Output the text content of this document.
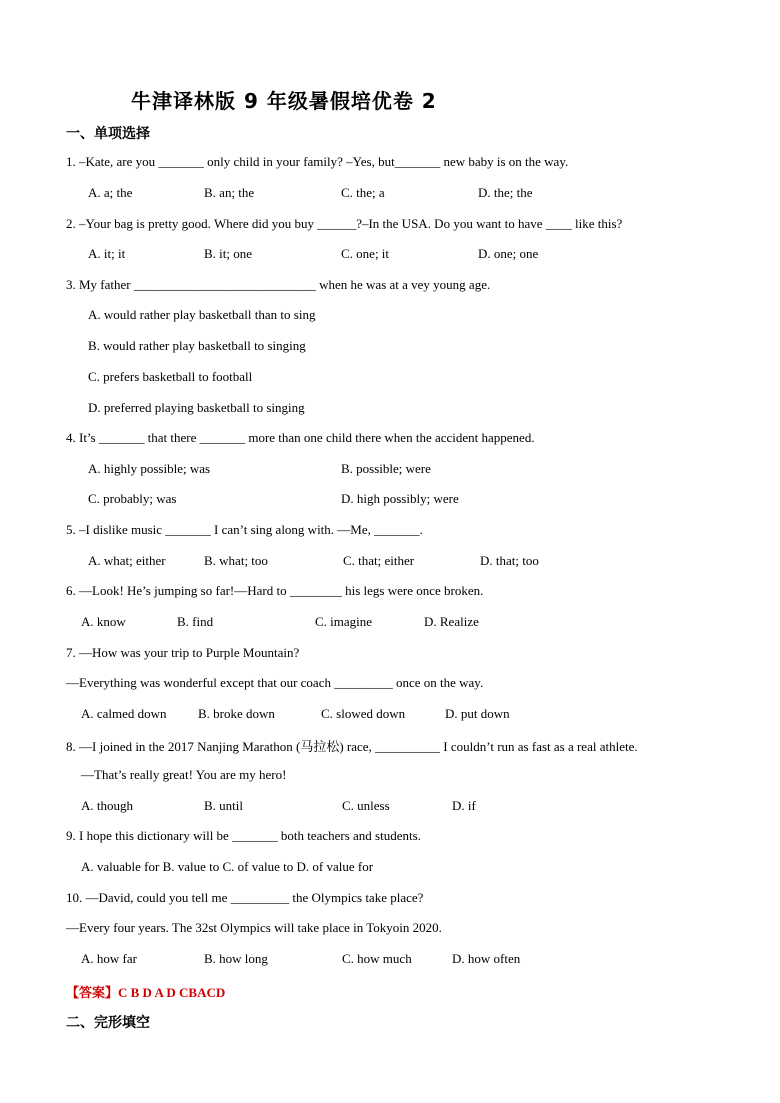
牛津译林版 9 年级暑假培优卷 2
一、单项选择
1. –Kate, are you _______ only child in your family? –Yes, but_______ new baby is on the way.
A. a; the	B. an; the	C. the; a	D. the; the
2. –Your bag is pretty good. Where did you buy ______?–In the USA. Do you want to have ____ like this?
A. it; it	B. it; one	C. one; it	D. one; one
3. My father ____________________________ when he was at a vey young age.
A. would rather play basketball than to sing
B. would rather play basketball to singing
C. prefers basketball to football
D. preferred playing basketball to singing
4. It’s _______ that there _______ more than one child there when the accident happened.
A. highly possible; was	B. possible; were
C. probably; was	D. high possibly; were
5. –I dislike music _______ I can’t sing along with. —Me, _______.
A. what; either	B. what; too	C. that; either	D. that; too
6. —Look! He’s jumping so far!—Hard to ________ his legs were once broken.
A. know	B. find	C. imagine	D. Realize
7. —How was your trip to Purple Mountain?
—Everything was wonderful except that our coach _________ once on the way.
A. calmed down B. broke down	C. slowed down	D. put down
8. —I joined in the 2017 Nanjing Marathon (马拉松) race, __________ I couldn’t run as fast as a real athlete.
—That’s really great! You are my hero!
A. though	B. until	C. unless	D. if
9. I hope this dictionary will be _______ both teachers and students.
A. valuable for B. value to C. of value to D. of value for
10. —David, could you tell me _________ the Olympics take place?
—Every four years. The 32st Olympics will take place in Tokyoin 2020.
A. how far	B. how long	C. how much	D. how often
【答案】C B D A D CBACD
二、完形填空
